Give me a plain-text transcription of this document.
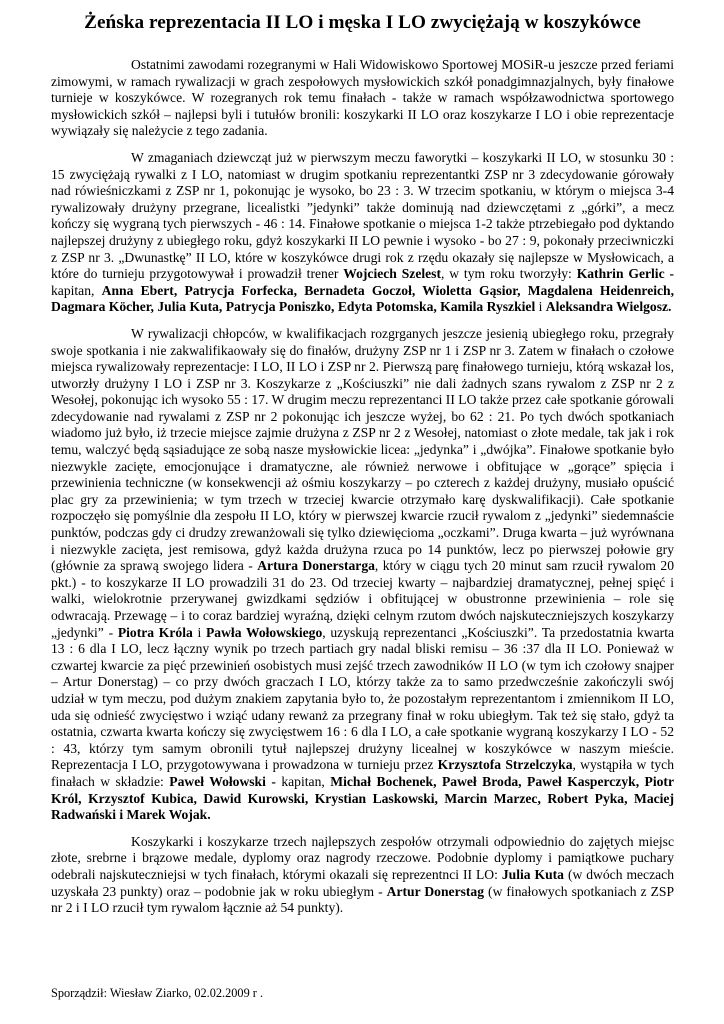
Żeńska reprezentacia II LO i męska I LO zwyciężają w koszykówce

Ostatnimi zawodami rozegranymi w Hali Widowiskowo Sportowej MOSiR-u jeszcze przed feriami zimowymi, w ramach rywalizacji w grach zespołowych mysłowickich szkół ponadgimnazjalnych, były finałowe turnieje w koszykówce. W rozegranych rok temu finałach - także w ramach współzawodnictwa sportowego mysłowickich szkół – najlepsi byli i tutułów bronili: koszykarki II LO oraz koszykarze I LO i obie reprezentacje wywiązały się należycie z tego zadania.

W zmaganiach dziewcząt już w pierwszym meczu faworytki – koszykarki II LO, w stosunku 30 : 15 zwyciężają rywalki z I LO, natomiast w drugim spotkaniu reprezentantki ZSP nr 3 zdecydowanie górowały nad rówieśniczkami z ZSP nr 1, pokonując je wysoko, bo 23 : 3. W trzecim spotkaniu, w którym o miejsca 3-4 rywalizowały drużyny przegrane, licealistki ”jedynki” także dominują nad dziewczętami z „górki”, a mecz kończy się wygraną tych pierwszych - 46 : 14. Finałowe spotkanie o miejsca 1-2 także ptrzebiegało pod dyktando najlepszej drużyny z ubiegłego roku, gdyż koszykarki II LO pewnie i wysoko - bo 27 : 9, pokonały przeciwniczki z ZSP nr 3. „Dwunastkę” II LO, które w koszykówce drugi rok z rzędu okazały się najlepsze w Mysłowicach, a które do turnieju przygotowywał i prowadził trener Wojciech Szelest, w tym roku tworzyły: Kathrin Gerlic - kapitan, Anna Ebert, Patrycja Forfecka, Bernadeta Goczoł, Wioletta Gąsior, Magdalena Heidenreich, Dagmara Köcher, Julia Kuta, Patrycja Poniszko, Edyta Potomska, Kamila Ryszkiel i Aleksandra Wielgosz.

W rywalizacji chłopców, w kwalifikacjach rozgrganych jeszcze jesienią ubiegłego roku, przegrały swoje spotkania i nie zakwalifikaowały się do finałów, drużyny ZSP nr 1 i ZSP nr 3. Zatem w finałach o czołowe miejsca rywalizowały reprezentacje: I LO, II LO i ZSP nr 2. Pierwszą parę finałowego turnieju, którą wskazał los, utworzły drużyny I LO i ZSP nr 3. Koszykarze z „Kościuszki” nie dali żadnych szans rywalom z ZSP nr 2 z Wesołej, pokonując ich wysoko 55 : 17. W drugim meczu reprezentanci II LO także przez całe spotkanie górowali zdecydowanie nad rywalami z ZSP nr 2 pokonując ich jeszcze wyżej, bo 62 : 21. Po tych dwóch spotkaniach wiadomo już było, iż trzecie miejsce zajmie drużyna z ZSP nr 2 z Wesołej, natomiast o złote medale, tak jak i rok temu, walczyć będą sąsiadujące ze sobą nasze mysłowickie licea: „jedynka” i „dwójka”. Finałowe spotkanie było niezwykle zacięte, emocjonujące i dramatyczne, ale również nerwowe i obfitujące w „gorące” spięcia i przewinienia techniczne (w konsekwencji aż ośmiu koszykarzy – po czterech z każdej drużyny, musiało opuścić plac gry za przewinienia; w tym trzech w trzeciej kwarcie otrzymało karę dyskwalifikacji). Całe spotkanie rozpoczęło się pomyślnie dla zespołu II LO, który w pierwszej kwarcie rzucił rywalom z „jedynki” siedemnaście punktów, podczas gdy ci drudzy zrewanżowali się tylko dziewięcioma „oczkami”. Druga kwarta – już wyrównana i niezwykle zacięta, jest remisowa, gdyż każda drużyna rzuca po 14 punktów, lecz po pierwszej połowie gry (głównie za sprawą swojego lidera - Artura Donerstarga, który w ciągu tych 20 minut sam rzucił rywalom 20 pkt.) - to koszykarze II LO prowadzili 31 do 23. Od trzeciej kwarty – najbardziej dramatycznej, pełnej spięć i walki, wielokrotnie przerywanej gwizdkami sędziów i obfitującej w obustronne przewinienia – role się odwracają. Przewagę – i to coraz bardziej wyraźną, dzięki celnym rzutom dwóch najskuteczniejszych koszykarzy „jedynki” - Piotra Króla i Pawła Wołowskiego, uzyskują reprezentanci „Kościuszki”. Ta przedostatnia kwarta 13 : 6 dla I LO, lecz łączny wynik po trzech partiach gry nadal bliski remisu – 36 :37 dla II LO. Ponieważ w czwartej kwarcie za pięć przewinień osobistych musi zejść trzech zawodników II LO (w tym ich czołowy snajper – Artur Donerstag) – co przy dwóch graczach I LO, którzy także za to samo przedwcześnie zakończyli swój udział w tym meczu, pod dużym znakiem zapytania było to, że pozostałym reprezentantom i zmiennikom II LO, uda się odnieść zwycięstwo i wziąć udany rewanż za przegrany finał w roku ubiegłym. Tak też się stało, gdyż ta ostatnia, czwarta kwarta kończy się zwycięstwem 16 : 6 dla I LO, a całe spotkanie wygraną koszykarzy I LO - 52 : 43, którzy tym samym obronili tytuł najlepszej drużyny licealnej w koszykówce w naszym mieście. Reprezentacja I LO, przygotowywana i prowadzona w turnieju przez Krzysztofa Strzelczyka, wystąpiła w tych finałach w składzie: Paweł Wołowski - kapitan, Michał Bochenek, Paweł Broda, Paweł Kasperczyk, Piotr Król, Krzysztof Kubica, Dawid Kurowski, Krystian Laskowski, Marcin Marzec, Robert Pyka, Maciej Radwański i Marek Wojak.

Koszykarki i koszykarze trzech najlepszych zespołów otrzymali odpowiednio do zajętych miejsc złote, srebrne i brązowe medale, dyplomy oraz nagrody rzeczowe. Podobnie dyplomy i pamiątkowe puchary odebrali najskuteczniejsi w tych finałach, którymi okazali się reprezentnci II LO: Julia Kuta (w dwóch meczach uzyskała 23 punkty) oraz – podobnie jak w roku ubiegłym - Artur Donerstag (w finałowych spotkaniach z ZSP nr 2 i I LO rzucił tym rywalom łącznie aż 54 punkty).

Sporządził: Wiesław Ziarko, 02.02.2009 r .
